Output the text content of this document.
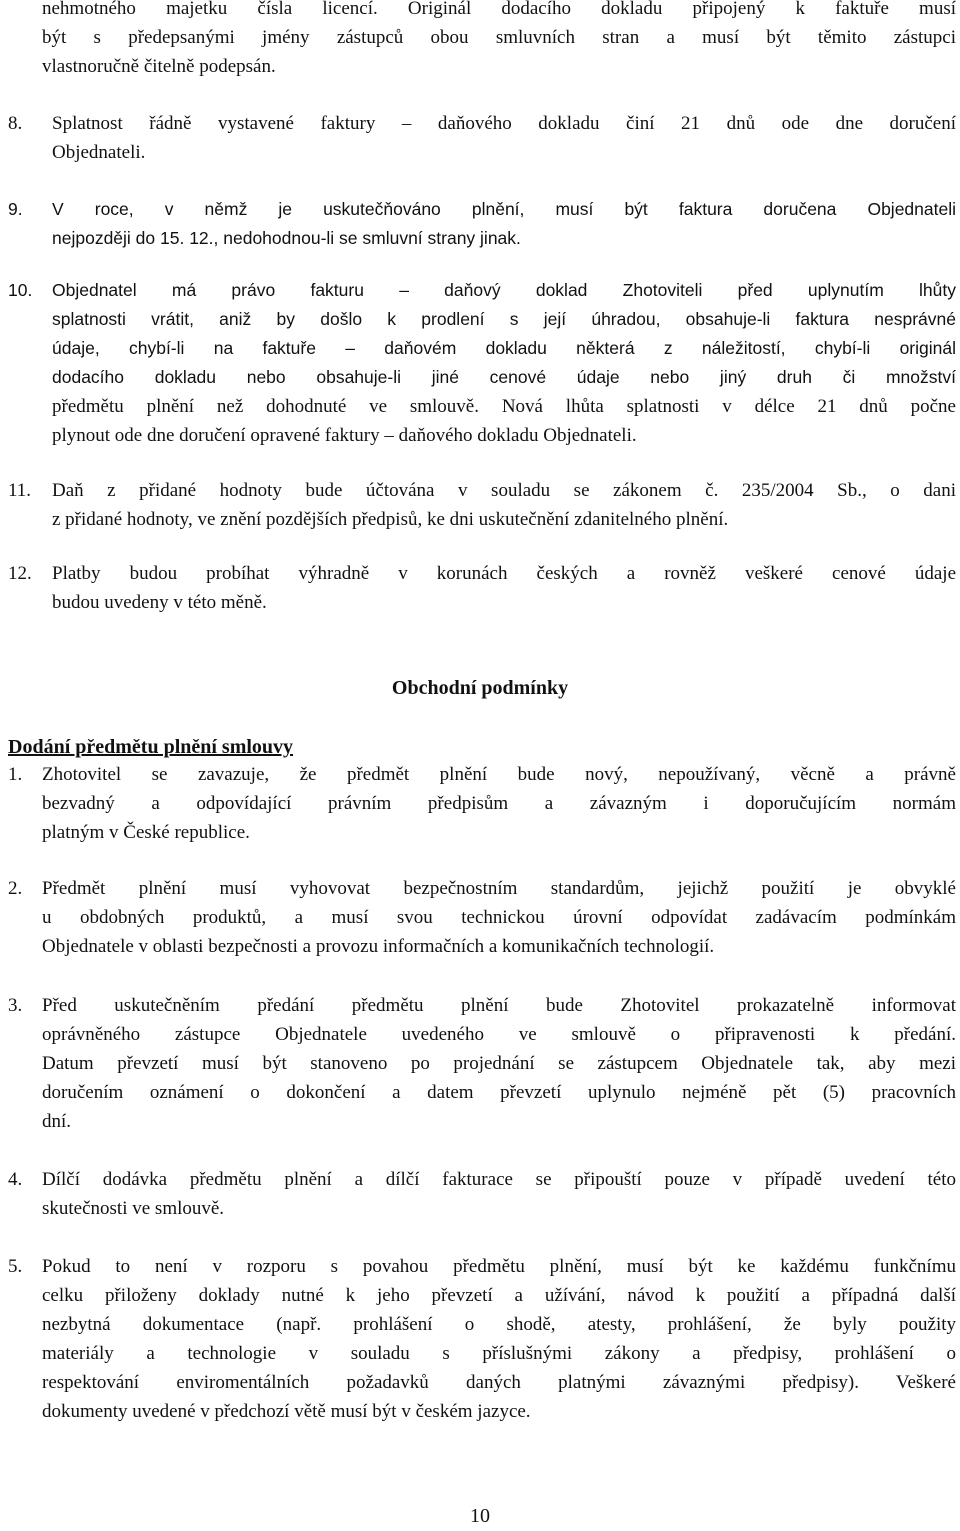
nehmotného majetku čísla licencí. Originál dodacího dokladu připojený k faktuře musí
být s předepsanými jmény zástupců obou smluvních stran a musí být těmito zástupci
vlastnoručně čitelně podepsán.
8. Splatnost řádně vystavené faktury – daňového dokladu činí 21 dnů ode dne doručení
Objednateli.
9. V roce, v němž je uskutečňováno plnění, musí být faktura doručena Objednateli
nejpozději do 15. 12., nedohodnou-li se smluvní strany jinak.
10. Objednatel má právo fakturu – daňový doklad Zhotoviteli před uplynutím lhůty
splatnosti vrátit, aniž by došlo k prodlení s její úhradou, obsahuje-li faktura nesprávné
údaje, chybí-li na faktuře – daňovém dokladu některá z náležitostí, chybí-li originál
dodacího dokladu nebo obsahuje-li jiné cenové údaje nebo jiný druh či množství
předmětu plnění než dohodnuté ve smlouvě. Nová lhůta splatnosti v délce 21 dnů počne
plynout ode dne doručení opravené faktury – daňového dokladu Objednateli.
11. Daň z přidané hodnoty bude účtována v souladu se zákonem č. 235/2004 Sb., o dani
z přidané hodnoty, ve znění pozdějších předpisů, ke dni uskutečnění zdanitelného plnění.
12. Platby budou probíhat výhradně v korunách českých a rovněž veškeré cenové údaje
budou uvedeny v této měně.
Obchodní podmínky
Dodání předmětu plnění smlouvy
1. Zhotovitel se zavazuje, že předmět plnění bude nový, nepoužívaný, věcně a právně
bezvadný a odpovídající právním předpisům a závazným i doporučujícím normám
platným v České republice.
2. Předmět plnění musí vyhovovat bezpečnostním standardům, jejichž použití je obvyklé
u obdobných produktů, a musí svou technickou úrovní odpovídat zadávacím podmínkám
Objednatele v oblasti bezpečnosti a provozu informačních a komunikačních technologií.
3. Před uskutečněním předání předmětu plnění bude Zhotovitel prokazatelně informovat
oprávněného zástupce Objednatele uvedeného ve smlouvě o připravenosti k předání.
Datum převzetí musí být stanoveno po projednání se zástupcem Objednatele tak, aby mezi
doručením oznámení o dokončení a datem převzetí uplynulo nejméně pět (5) pracovních
dní.
4. Dílčí dodávka předmětu plnění a dílčí fakturace se připouští pouze v případě uvedení této
skutečnosti ve smlouvě.
5. Pokud to není v rozporu s povahou předmětu plnění, musí být ke každému funkčnímu
celku přiloženy doklady nutné k jeho převzetí a užívání, návod k použití a případná další
nezbytná dokumentace (např. prohlášení o shodě, atesty, prohlášení, že byly použity
materiály a technologie v souladu s příslušnými zákony a předpisy, prohlášení o
respektování enviromentálních požadavků daných platnými závaznými předpisy). Veškeré
dokumenty uvedené v předchozí větě musí být v českém jazyce.
10
